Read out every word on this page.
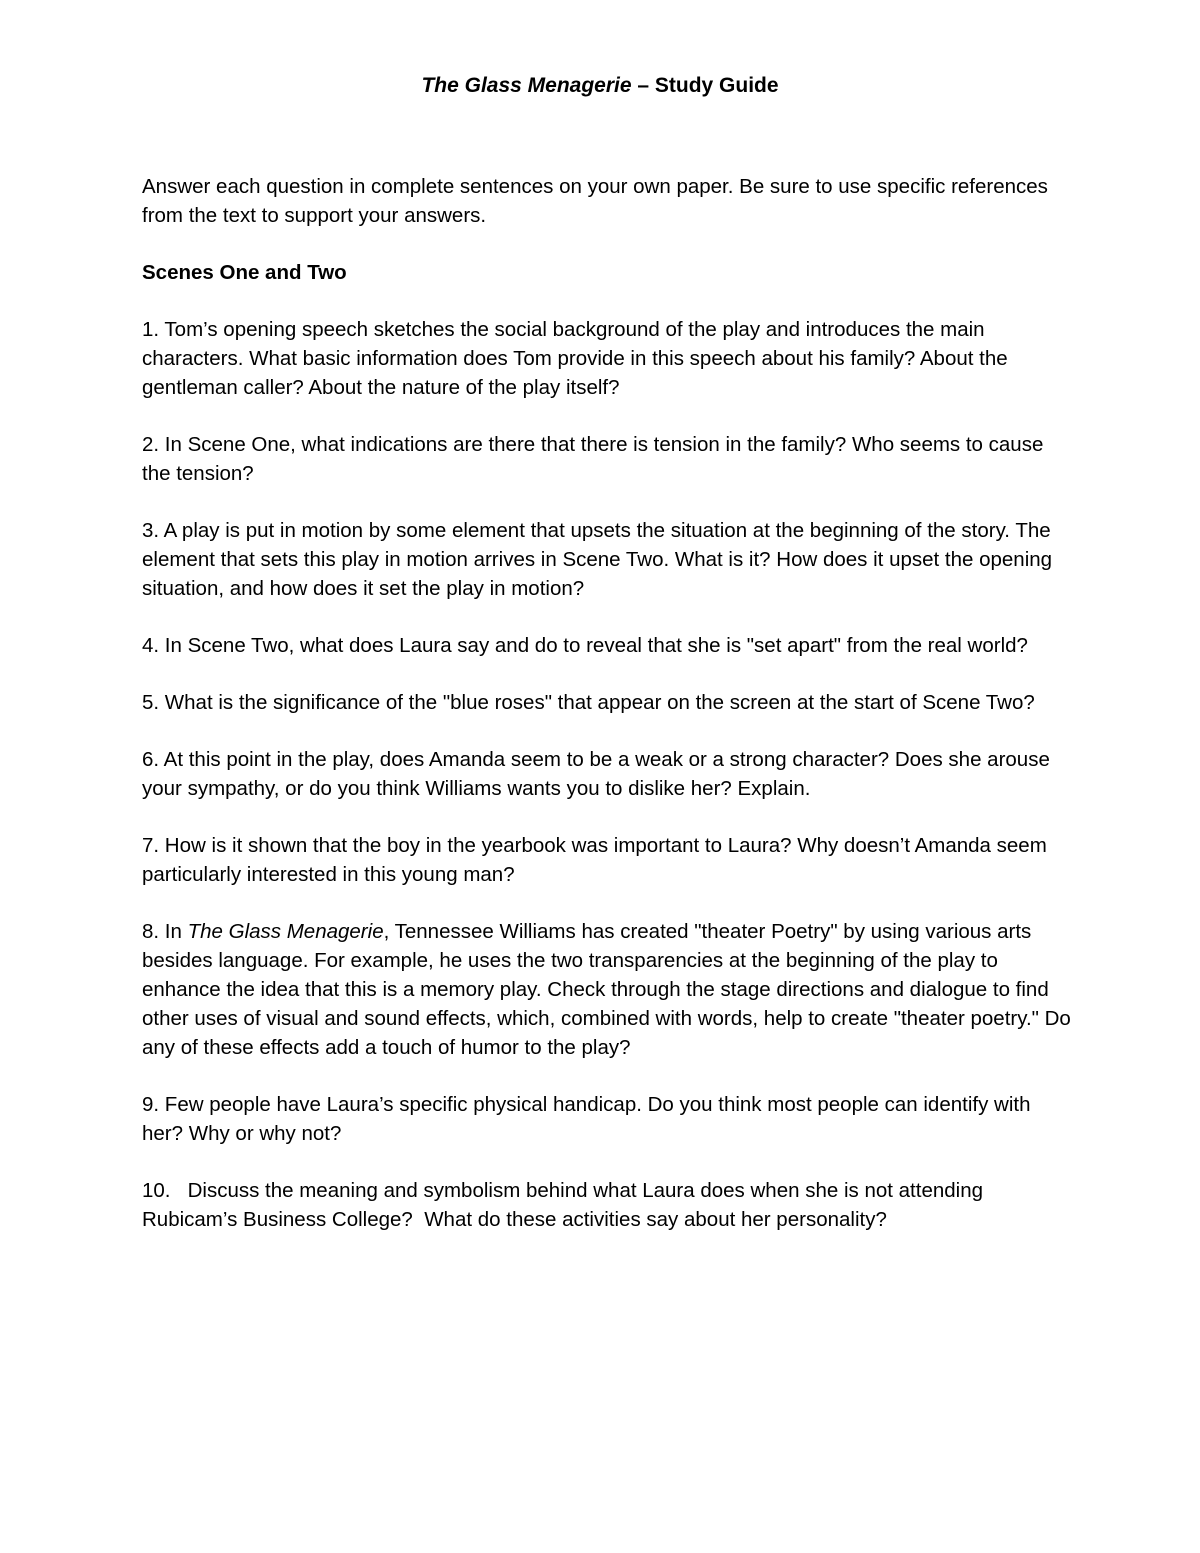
The Glass Menagerie – Study Guide

Answer each question in complete sentences on your own paper. Be sure to use specific references from the text to support your answers.

Scenes One and Two

1. Tom’s opening speech sketches the social background of the play and introduces the main characters. What basic information does Tom provide in this speech about his family? About the gentleman caller? About the nature of the play itself?

2. In Scene One, what indications are there that there is tension in the family? Who seems to cause the tension?

3. A play is put in motion by some element that upsets the situation at the beginning of the story. The element that sets this play in motion arrives in Scene Two. What is it? How does it upset the opening situation, and how does it set the play in motion?

4. In Scene Two, what does Laura say and do to reveal that she is "set apart" from the real world?

5. What is the significance of the "blue roses" that appear on the screen at the start of Scene Two?

6. At this point in the play, does Amanda seem to be a weak or a strong character? Does she arouse your sympathy, or do you think Williams wants you to dislike her? Explain.

7. How is it shown that the boy in the yearbook was important to Laura? Why doesn’t Amanda seem particularly interested in this young man?

8. In The Glass Menagerie, Tennessee Williams has created "theater Poetry" by using various arts besides language. For example, he uses the two transparencies at the beginning of the play to enhance the idea that this is a memory play. Check through the stage directions and dialogue to find other uses of visual and sound effects, which, combined with words, help to create "theater poetry." Do any of these effects add a touch of humor to the play?

9. Few people have Laura’s specific physical handicap. Do you think most people can identify with her? Why or why not?

10.   Discuss the meaning and symbolism behind what Laura does when she is not attending Rubicam’s Business College?  What do these activities say about her personality?
